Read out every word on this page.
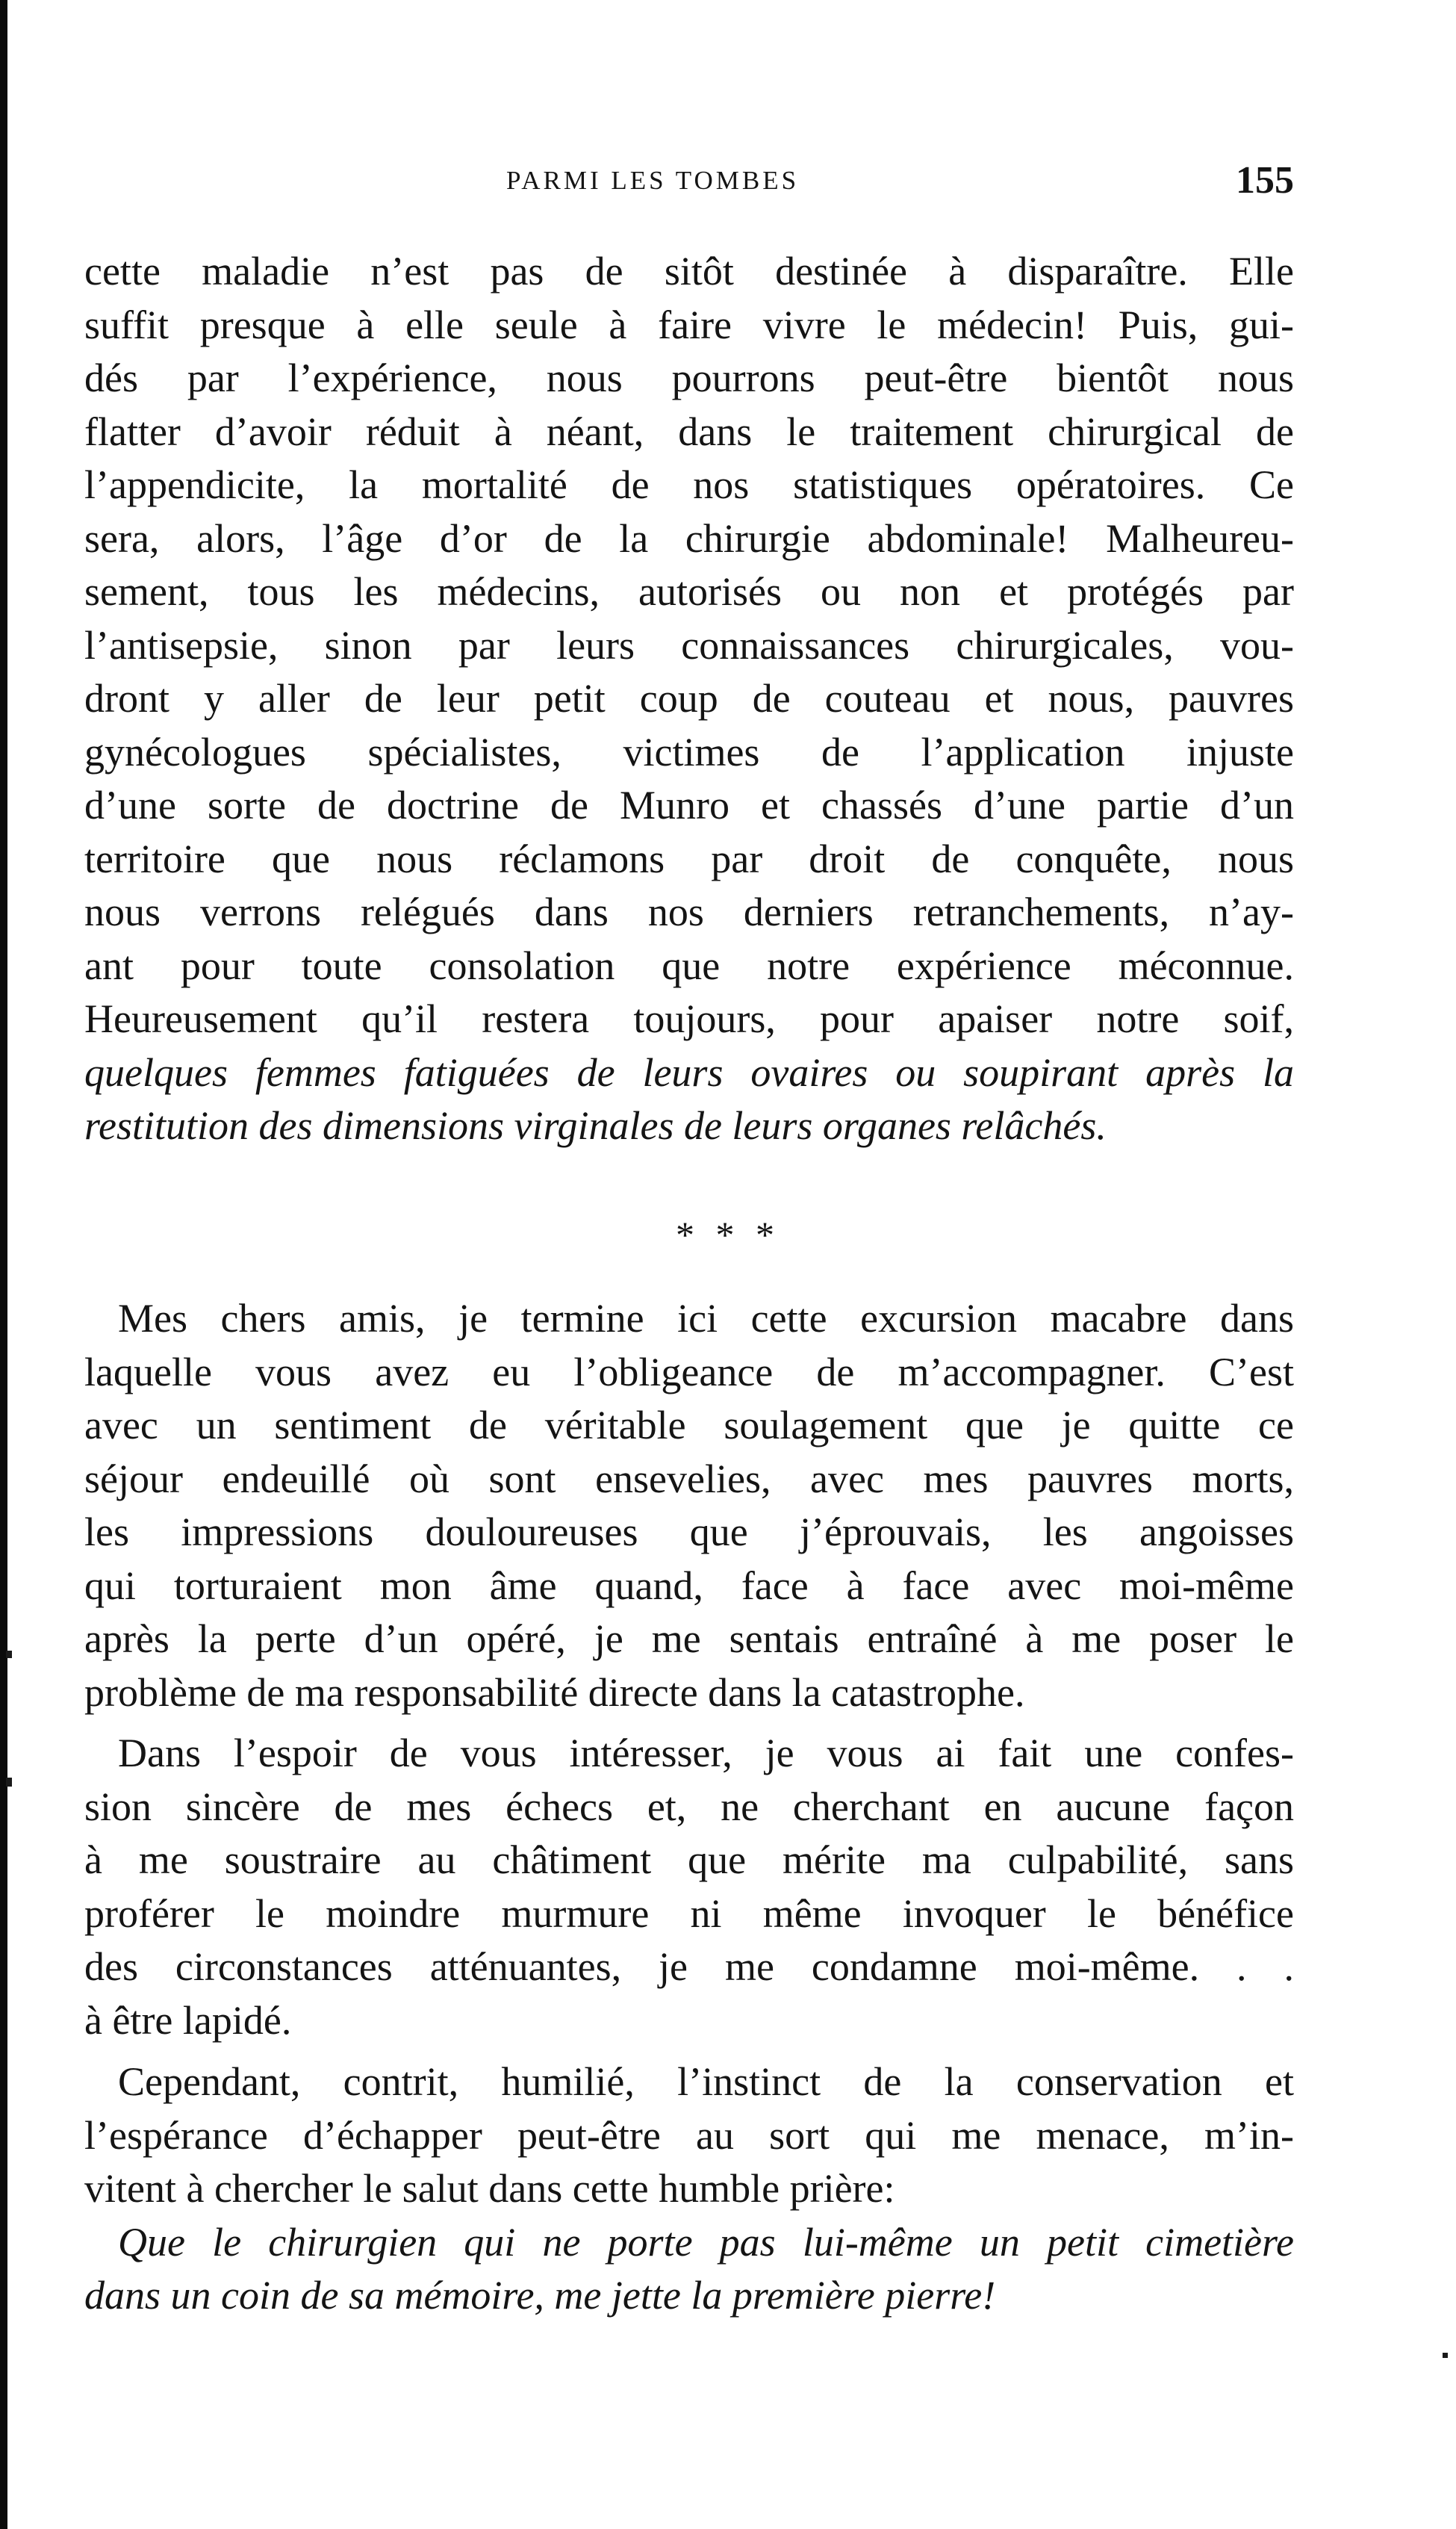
PARMI LES TOMBES	155
cette maladie n’est pas de sitôt destinée à disparaître. Elle
suffit presque à elle seule à faire vivre le médecin! Puis, gui-
dés par l’expérience, nous pourrons peut-être bientôt nous
flatter d’avoir réduit à néant, dans le traitement chirurgical de
l’appendicite, la mortalité de nos statistiques opératoires. Ce
sera, alors, l’âge d’or de la chirurgie abdominale! Malheureu-
sement, tous les médecins, autorisés ou non et protégés par
l’antisepsie, sinon par leurs connaissances chirurgicales, vou-
dront y aller de leur petit coup de couteau et nous, pauvres
gynécologues spécialistes, victimes de l’application injuste
d’une sorte de doctrine de Munro et chassés d’une partie d’un
territoire que nous réclamons par droit de conquête, nous
nous verrons relégués dans nos derniers retranchements, n’ay-
ant pour toute consolation que notre expérience méconnue.
Heureusement qu’il restera toujours, pour apaiser notre soif,
quelques femmes fatiguées de leurs ovaires ou soupirant après la
restitution des dimensions virginales de leurs organes relâchés.
* * *
Mes chers amis, je termine ici cette excursion macabre dans
laquelle vous avez eu l’obligeance de m’accompagner. C’est
avec un sentiment de véritable soulagement que je quitte ce
séjour endeuillé où sont ensevelies, avec mes pauvres morts,
les impressions douloureuses que j’éprouvais, les angoisses
qui torturaient mon âme quand, face à face avec moi-même
après la perte d’un opéré, je me sentais entraîné à me poser le
problème de ma responsabilité directe dans la catastrophe.
Dans l’espoir de vous intéresser, je vous ai fait une confes-
sion sincère de mes échecs et, ne cherchant en aucune façon
à me soustraire au châtiment que mérite ma culpabilité, sans
proférer le moindre murmure ni même invoquer le bénéfice
des circonstances atténuantes, je me condamne moi-même. . .
à être lapidé.
Cependant, contrit, humilié, l’instinct de la conservation et
l’espérance d’échapper peut-être au sort qui me menace, m’in-
vitent à chercher le salut dans cette humble prière:
Que le chirurgien qui ne porte pas lui-même un petit cimetière
dans un coin de sa mémoire, me jette la première pierre!
